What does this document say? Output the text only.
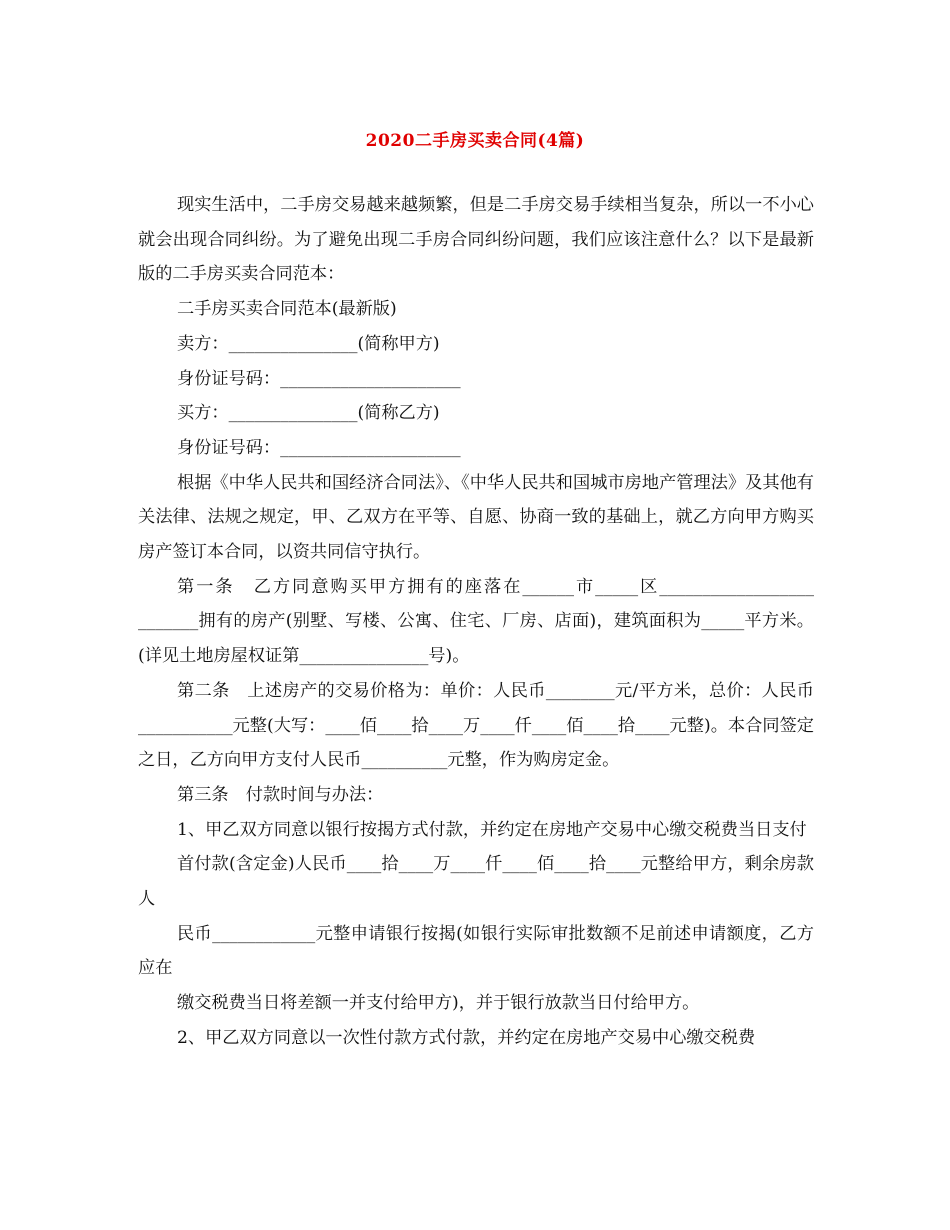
2020二手房买卖合同(4篇)

现实生活中，二手房交易越来越频繁，但是二手房交易手续相当复杂，所以一不小心就会出现合同纠纷。为了避免出现二手房合同纠纷问题，我们应该注意什么？以下是最新版的二手房买卖合同范本：

二手房买卖合同范本(最新版)

卖方：_______________(简称甲方)

身份证号码：_____________________

买方：_______________(简称乙方)

身份证号码：_____________________

根据《中华人民共和国经济合同法》、《中华人民共和国城市房地产管理法》及其他有关法律、法规之规定，甲、乙双方在平等、自愿、协商一致的基础上，就乙方向甲方购买房产签订本合同，以资共同信守执行。

第一条　乙方同意购买甲方拥有的座落在______市_____区__________________ _______拥有的房产(别墅、写楼、公寓、住宅、厂房、店面)，建筑面积为_____平方米。(详见土地房屋权证第_______________号)。

第二条　上述房产的交易价格为：单价：人民币________元/平方米，总价：人民币___________元整(大写：____佰____拾____万____仟____佰____拾____元整)。本合同签定之日，乙方向甲方支付人民币__________元整，作为购房定金。

第三条　付款时间与办法：

1、甲乙双方同意以银行按揭方式付款，并约定在房地产交易中心缴交税费当日支付

首付款(含定金)人民币____拾____万____仟____佰____拾____元整给甲方，剩余房款人

民币____________元整申请银行按揭(如银行实际审批数额不足前述申请额度，乙方应在

缴交税费当日将差额一并支付给甲方)，并于银行放款当日付给甲方。

2、甲乙双方同意以一次性付款方式付款，并约定在房地产交易中心缴交税费
